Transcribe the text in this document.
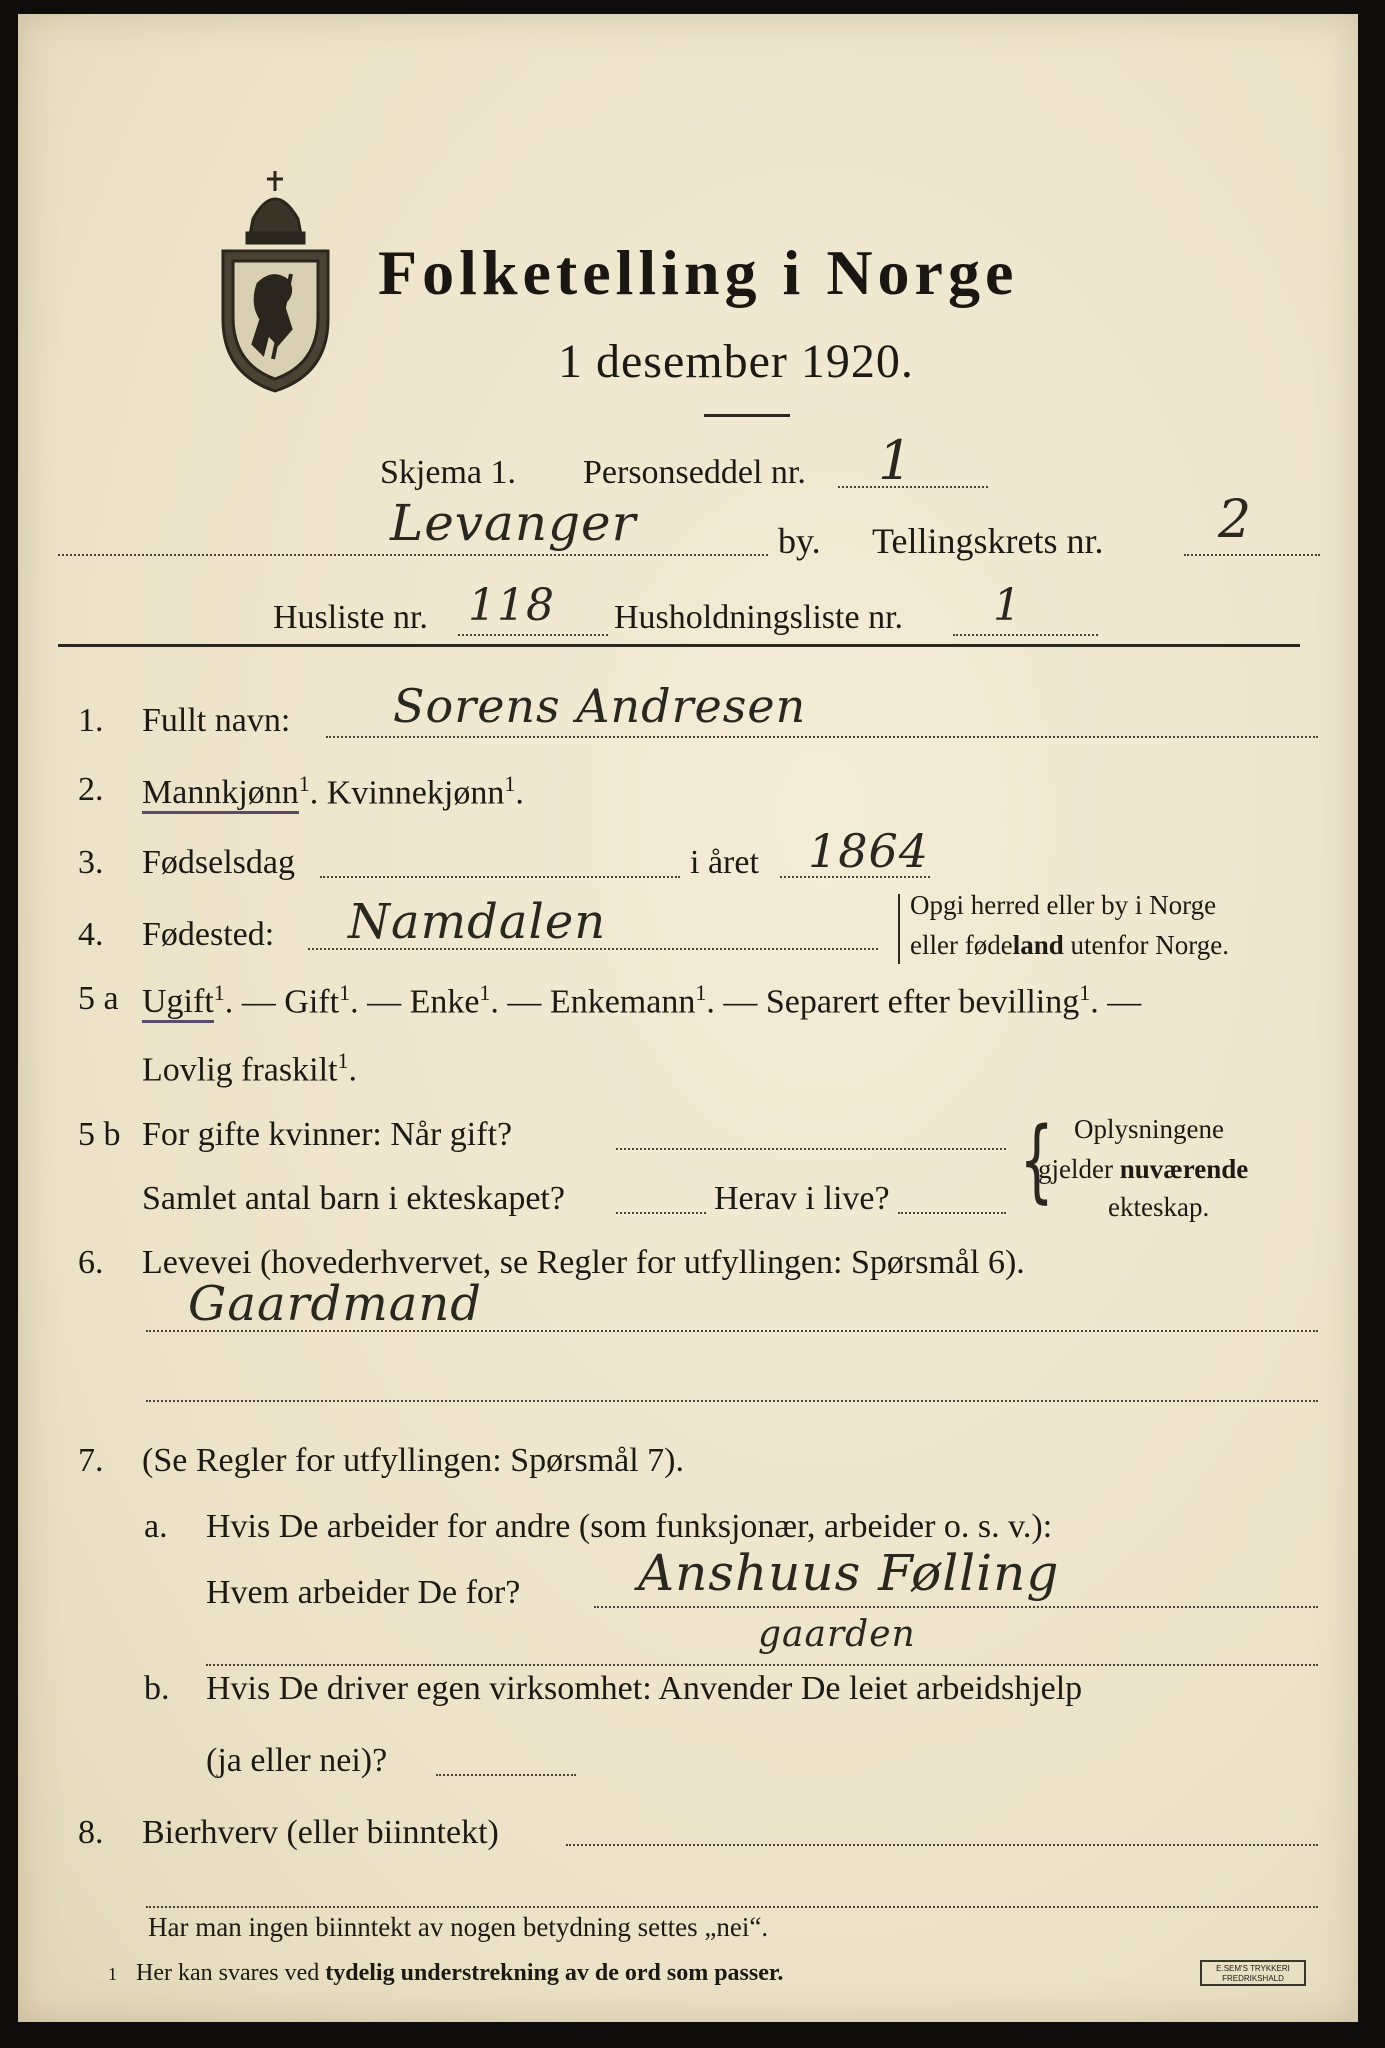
Folketelling i Norge
1 desember 1920.
Skjema 1. Personseddel nr. 1
Levanger	by. Tellingskrets nr. 2
Husliste nr. 118 Husholdningsliste nr. 1
1.	Fullt navn: Sorens Andresen
2.	Mannkjønn$^1$. Kvinnekjønn$^1$.
3.	Fødselsdag	i året 1864
4.	Fødested: Namdalen	Opgi herred eller by i Norge
eller fødeland utenfor Norge.
5 a Ugift$^1$. — Gift$^1$. — Enke$^1$. — Enkemann$^1$. — Separert efter bevilling$^1$. —
Lovlig fraskilt$^1$.
5 b For gifte kvinner: Når gift?
Samlet antal barn i ekteskapet?	Herav i live? { Oplysningene
gjelder nuværende
ekteskap.
6.	Levevei (hovederhvervet, se Regler for utfyllingen: Spørsmål 6).
Gaardmand
7.	(Se Regler for utfyllingen: Spørsmål 7).
a. Hvis De arbeider for andre (som funksjonær, arbeider o. s. v.):
Hvem arbeider De for? Anshuus Følling
gaarden
b. Hvis De driver egen virksomhet: Anvender De leiet arbeidshjelp
(ja eller nei)?
8.	Bierhverv (eller biinntekt)
Har man ingen biinntekt av nogen betydning settes „nei“.
1 Her kan svares ved tydelig understrekning av de ord som passer.	E.SEM'S TRYKKERI
FREDRIKSHALD
